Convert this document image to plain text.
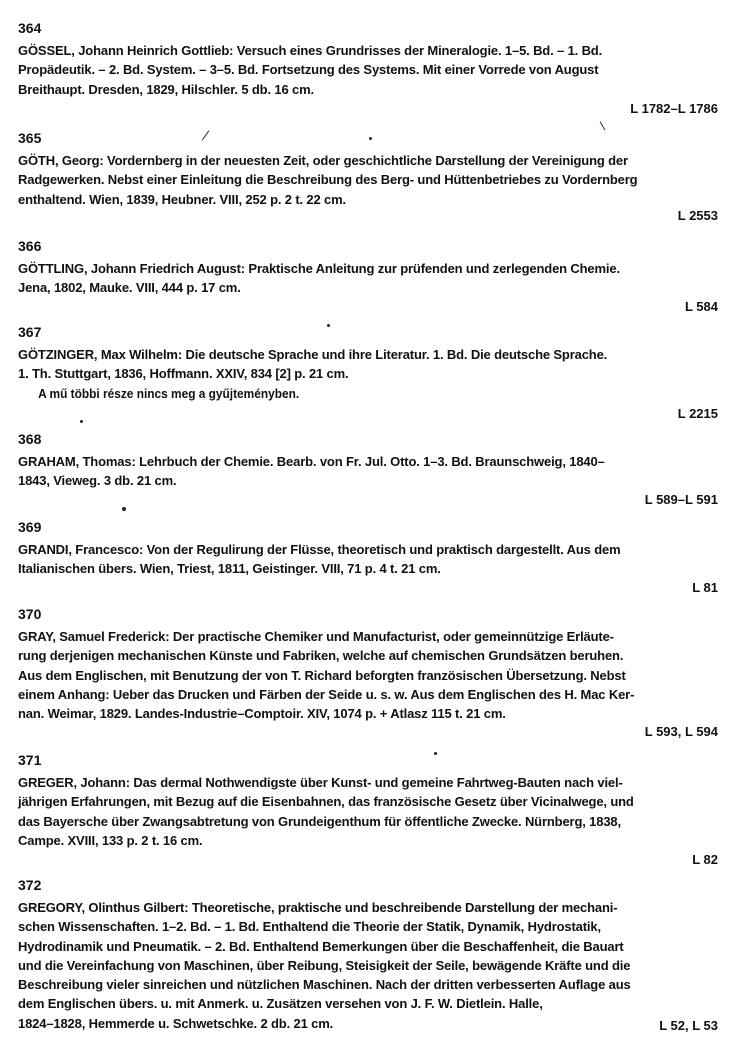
364
GÖSSEL, Johann Heinrich Gottlieb: Versuch eines Grundrisses der Mineralogie. 1–5. Bd. – 1. Bd.
Propädeutik. – 2. Bd. System. – 3–5. Bd. Fortsetzung des Systems. Mit einer Vorrede von August
Breithaupt. Dresden, 1829, Hilschler. 5 db. 16 cm.
L 1782–L 1786
365
GÖTH, Georg: Vordernberg in der neuesten Zeit, oder geschichtliche Darstellung der Vereinigung der
Radgewerken. Nebst einer Einleitung die Beschreibung des Berg- und Hüttenbetriebes zu Vordernberg
enthaltend. Wien, 1839, Heubner. VIII, 252 p. 2 t. 22 cm.
L 2553
366
GÖTTLING, Johann Friedrich August: Praktische Anleitung zur prüfenden und zerlegenden Chemie.
Jena, 1802, Mauke. VIII, 444 p. 17 cm.
L 584
367
GÖTZINGER, Max Wilhelm: Die deutsche Sprache und ihre Literatur. 1. Bd. Die deutsche Sprache.
1. Th. Stuttgart, 1836, Hoffmann. XXIV, 834 [2] p. 21 cm.
A mű többi része nincs meg a gyűjteményben.
L 2215
368
GRAHAM, Thomas: Lehrbuch der Chemie. Bearb. von Fr. Jul. Otto. 1–3. Bd. Braunschweig, 1840–
1843, Vieweg. 3 db. 21 cm.
L 589–L 591
369
GRANDI, Francesco: Von der Regulirung der Flüsse, theoretisch und praktisch dargestellt. Aus dem
Italianischen übers. Wien, Triest, 1811, Geistinger. VIII, 71 p. 4 t. 21 cm.
L 81
370
GRAY, Samuel Frederick: Der practische Chemiker und Manufacturist, oder gemeinnützige Erläute-
rung derjenigen mechanischen Künste und Fabriken, welche auf chemischen Grundsätzen beruhen.
Aus dem Englischen, mit Benutzung der von T. Richard beforgten französischen Übersetzung. Nebst
einem Anhang: Ueber das Drucken und Färben der Seide u. s. w. Aus dem Englischen des H. Mac Ker-
nan. Weimar, 1829. Landes-Industrie–Comptoir. XIV, 1074 p. + Atlasz 115 t. 21 cm.
L 593, L 594
371
GREGER, Johann: Das dermal Nothwendigste über Kunst- und gemeine Fahrtweg-Bauten nach viel-
jährigen Erfahrungen, mit Bezug auf die Eisenbahnen, das französische Gesetz über Vicinalwege, und
das Bayersche über Zwangsabtretung von Grundeigenthum für öffentliche Zwecke. Nürnberg, 1838,
Campe. XVIII, 133 p. 2 t. 16 cm.
L 82
372
GREGORY, Olinthus Gilbert: Theoretische, praktische und beschreibende Darstellung der mechani-
schen Wissenschaften. 1–2. Bd. – 1. Bd. Enthaltend die Theorie der Statik, Dynamik, Hydrostatik,
Hydrodinamik und Pneumatik. – 2. Bd. Enthaltend Bemerkungen über die Beschaffenheit, die Bauart
und die Vereinfachung von Maschinen, über Reibung, Steisigkeit der Seile, bewägende Kräfte und die
Beschreibung vieler sinreichen und nützlichen Maschinen. Nach der dritten verbesserten Auflage aus
dem Englischen übers. u. mit Anmerk. u. Zusätzen versehen von J. F. W. Dietlein. Halle,
1824–1828, Hemmerde u. Schwetschke. 2 db. 21 cm.	L 52, L 53
